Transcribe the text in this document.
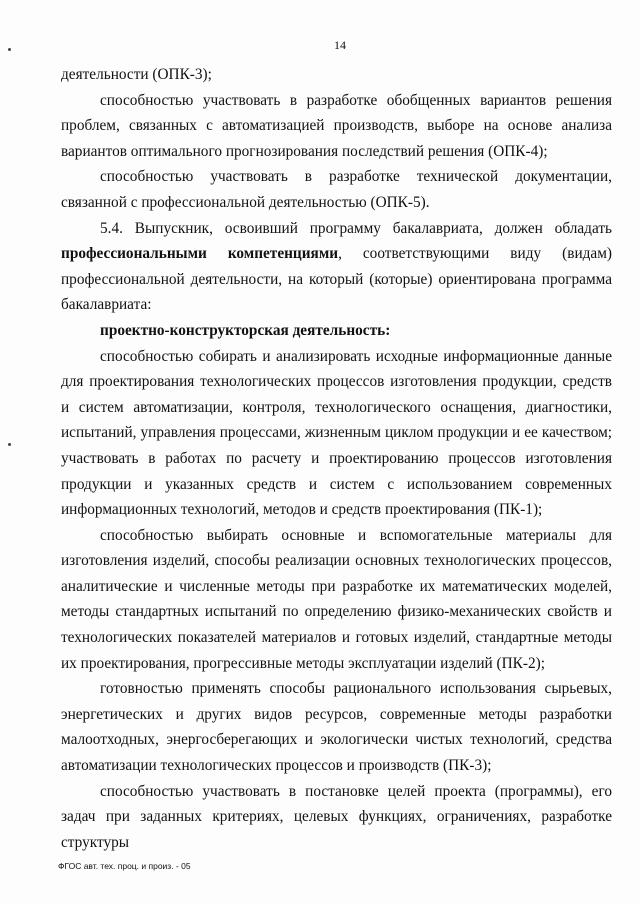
14

деятельности (ОПК-3);

способностью участвовать в разработке обобщенных вариантов решения проблем, связанных с автоматизацией производств, выборе на основе анализа вариантов оптимального прогнозирования последствий решения (ОПК-4);

способностью участвовать в разработке технической документации, связанной с профессиональной деятельностью (ОПК-5).

5.4. Выпускник, освоивший программу бакалавриата, должен обладать профессиональными компетенциями, соответствующими виду (видам) профессиональной деятельности, на который (которые) ориентирована программа бакалавриата:

проектно-конструкторская деятельность:

способностью собирать и анализировать исходные информационные данные для проектирования технологических процессов изготовления продукции, средств и систем автоматизации, контроля, технологического оснащения, диагностики, испытаний, управления процессами, жизненным циклом продукции и ее качеством; участвовать в работах по расчету и проектированию процессов изготовления продукции и указанных средств и систем с использованием современных информационных технологий, методов и средств проектирования (ПК-1);

способностью выбирать основные и вспомогательные материалы для изготовления изделий, способы реализации основных технологических процессов, аналитические и численные методы при разработке их математических моделей, методы стандартных испытаний по определению физико-механических свойств и технологических показателей материалов и готовых изделий, стандартные методы их проектирования, прогрессивные методы эксплуатации изделий (ПК-2);

готовностью применять способы рационального использования сырьевых, энергетических и других видов ресурсов, современные методы разработки малоотходных, энергосберегающих и экологически чистых технологий, средства автоматизации технологических процессов и производств (ПК-3);

способностью участвовать в постановке целей проекта (программы), его задач при заданных критериях, целевых функциях, ограничениях, разработке структуры

ФГОС авт. тех. проц. и произ. - 05
